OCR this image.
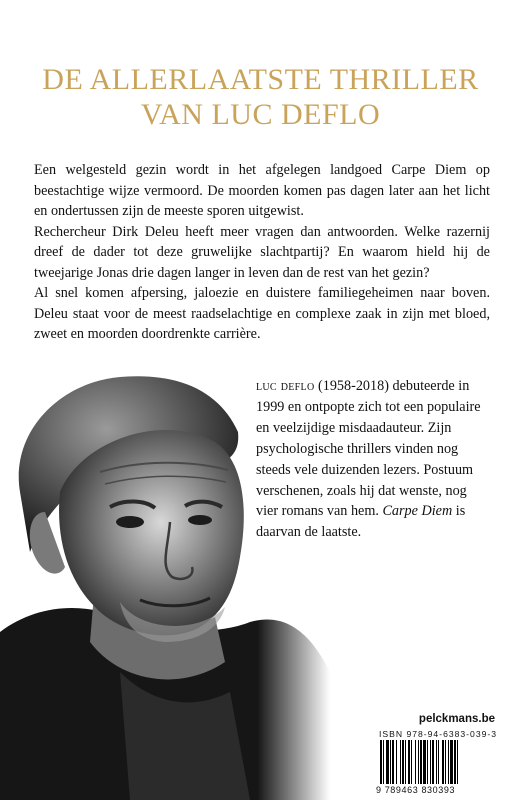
DE ALLERLAATSTE THRILLER
VAN LUC DEFLO

Een welgesteld gezin wordt in het afgelegen landgoed Carpe Diem op beestachtige wijze vermoord. De moorden komen pas dagen later aan het licht en ondertussen zijn de meeste sporen uitgewist.

Rechercheur Dirk Deleu heeft meer vragen dan antwoorden. Welke razernij dreef de dader tot deze gruwelijke slachtpartij? En waarom hield hij de tweejarige Jonas drie dagen langer in leven dan de rest van het gezin?

Al snel komen afpersing, jaloezie en duistere familiegeheimen naar boven. Deleu staat voor de meest raadselachtige en complexe zaak in zijn met bloed, zweet en moorden doordrenkte carrière.

luc deflo (1958-2018) debuteerde in 1999 en ontpopte zich tot een populaire en veelzijdige misdaadauteur. Zijn psychologische thrillers vinden nog steeds vele duizenden lezers. Postuum verschenen, zoals hij dat wenste, nog vier romans van hem. Carpe Diem is daarvan de laatste.

pelckmans.be
ISBN 978-94-6383-039-3
9 789463 830393
